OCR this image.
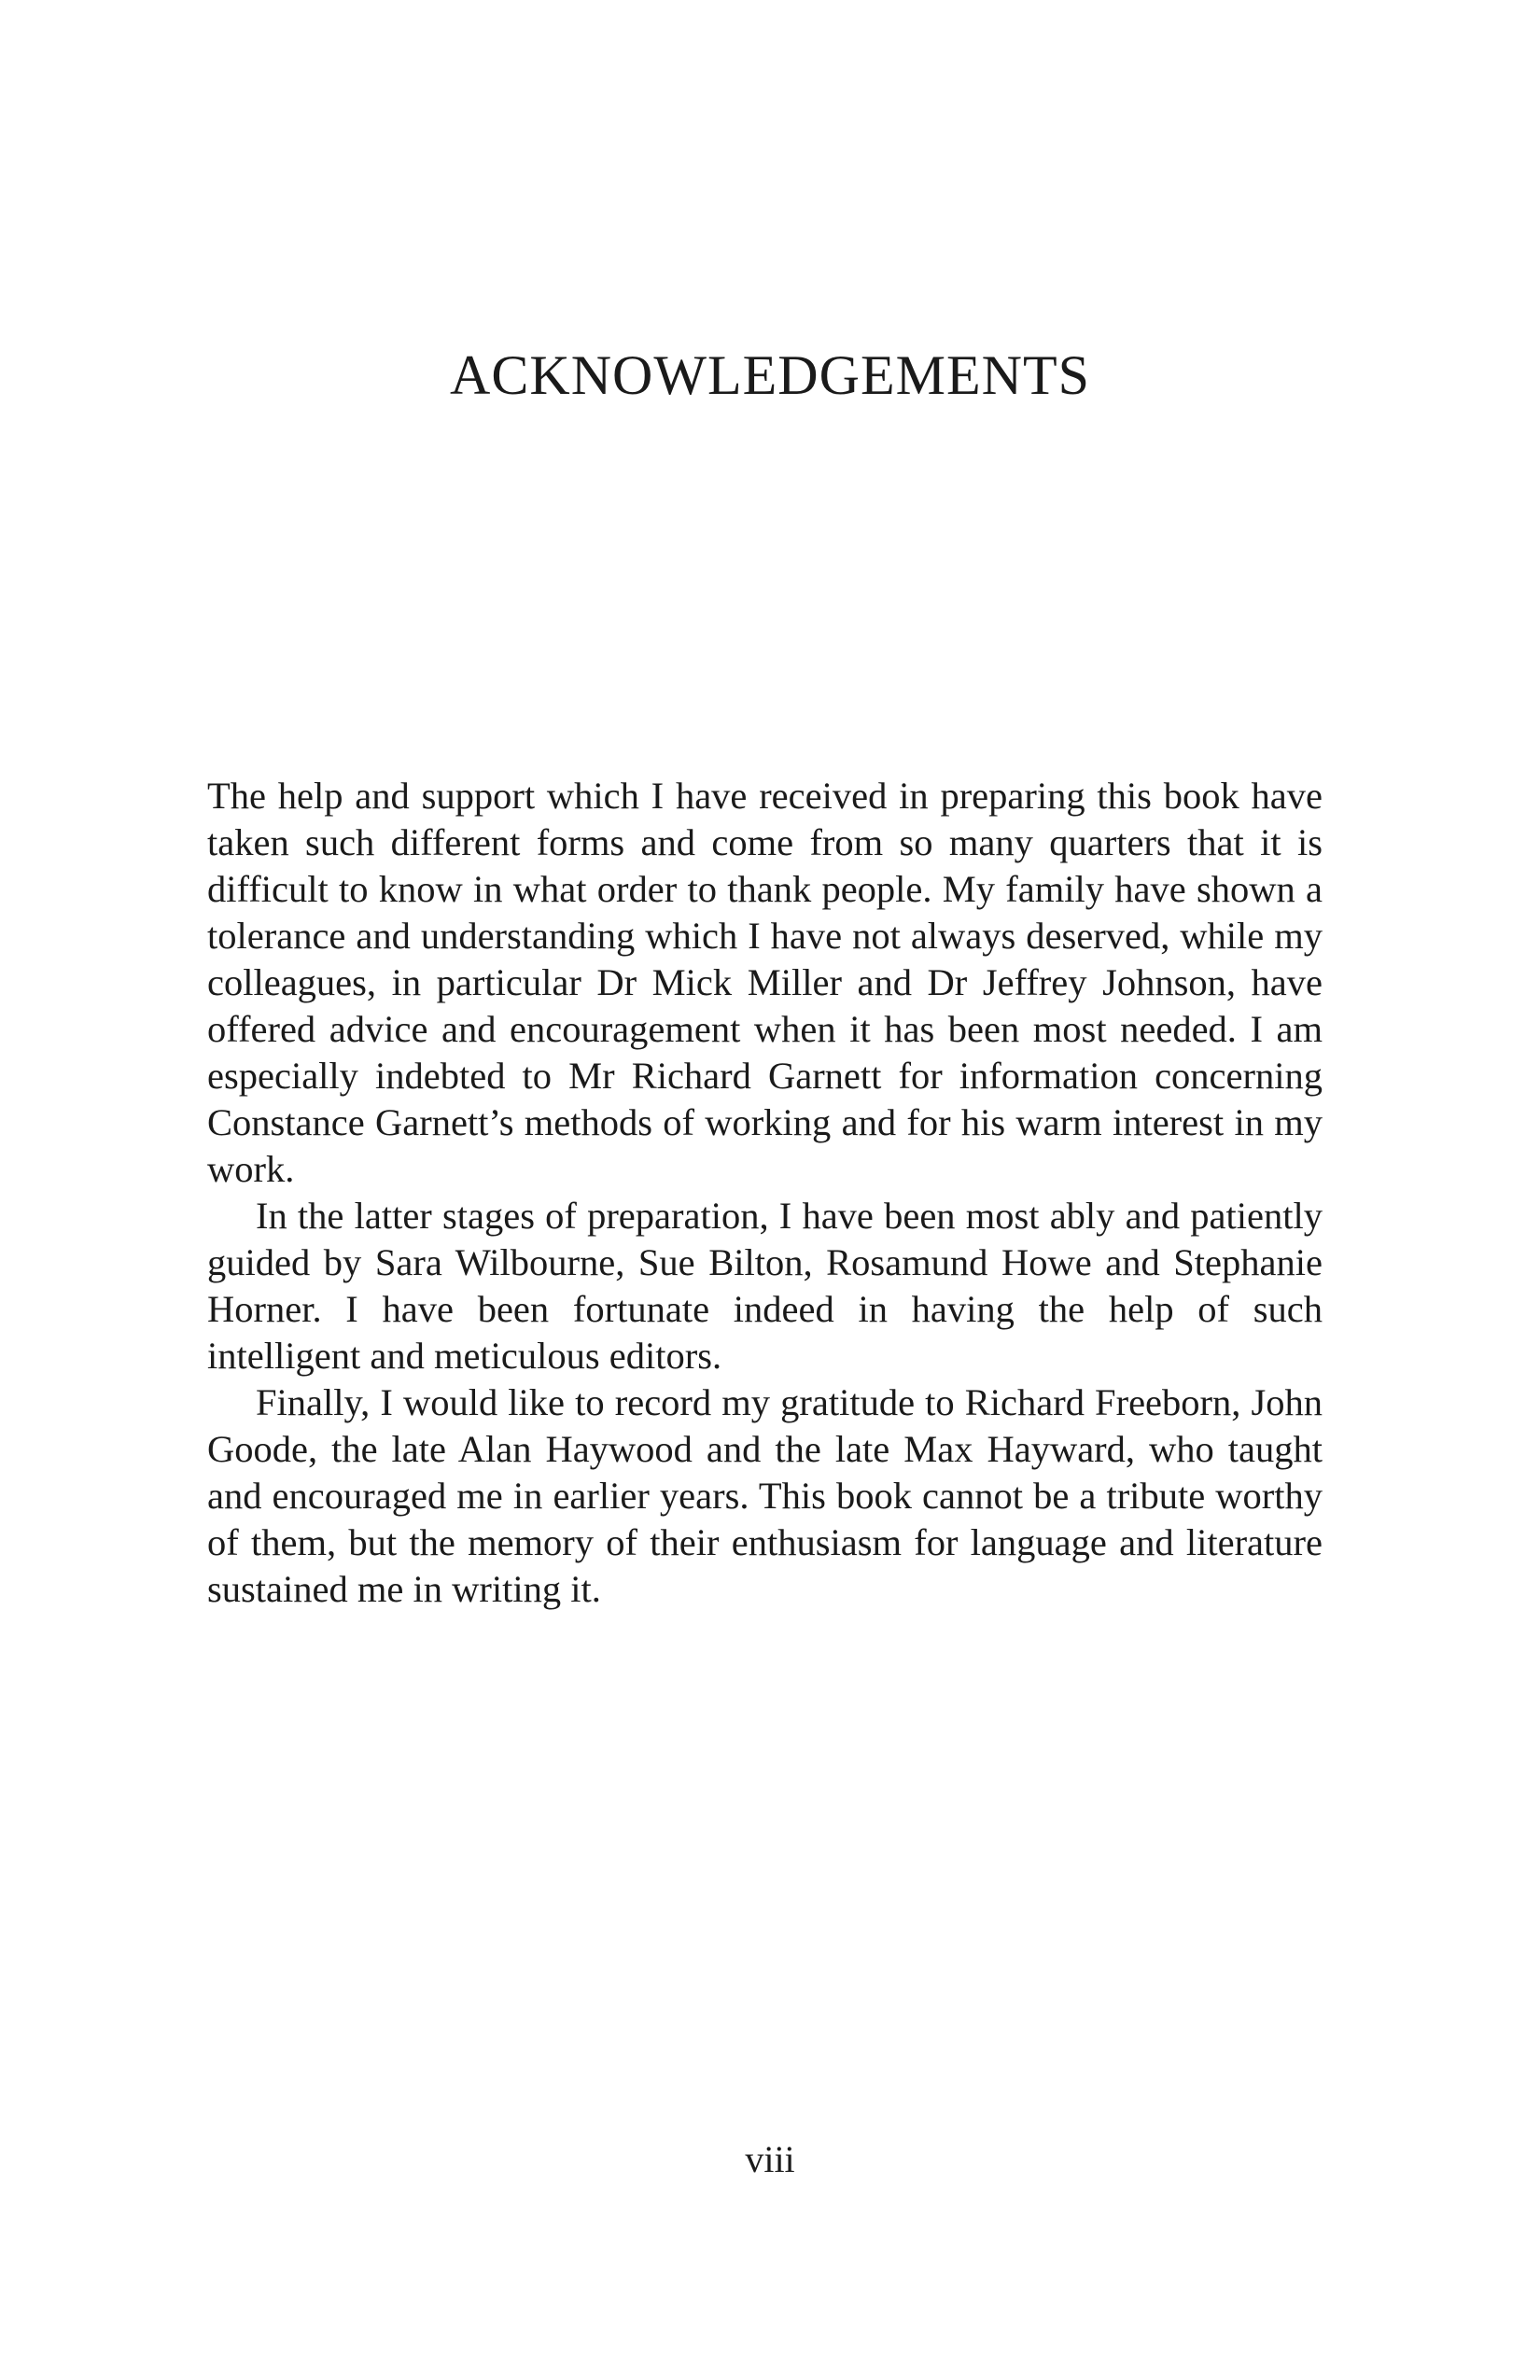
ACKNOWLEDGEMENTS

The help and support which I have received in preparing this book have taken such different forms and come from so many quarters that it is difficult to know in what order to thank people. My family have shown a tolerance and understanding which I have not always deserved, while my colleagues, in particular Dr Mick Miller and Dr Jeffrey Johnson, have offered advice and encouragement when it has been most needed. I am especially indebted to Mr Richard Garnett for information concerning Constance Garnett’s methods of working and for his warm interest in my work.

In the latter stages of preparation, I have been most ably and patiently guided by Sara Wilbourne, Sue Bilton, Rosamund Howe and Stephanie Horner. I have been fortunate indeed in having the help of such intelligent and meticulous editors.

Finally, I would like to record my gratitude to Richard Freeborn, John Goode, the late Alan Haywood and the late Max Hayward, who taught and encouraged me in earlier years. This book cannot be a tribute worthy of them, but the memory of their enthusiasm for language and literature sustained me in writing it.

viii
